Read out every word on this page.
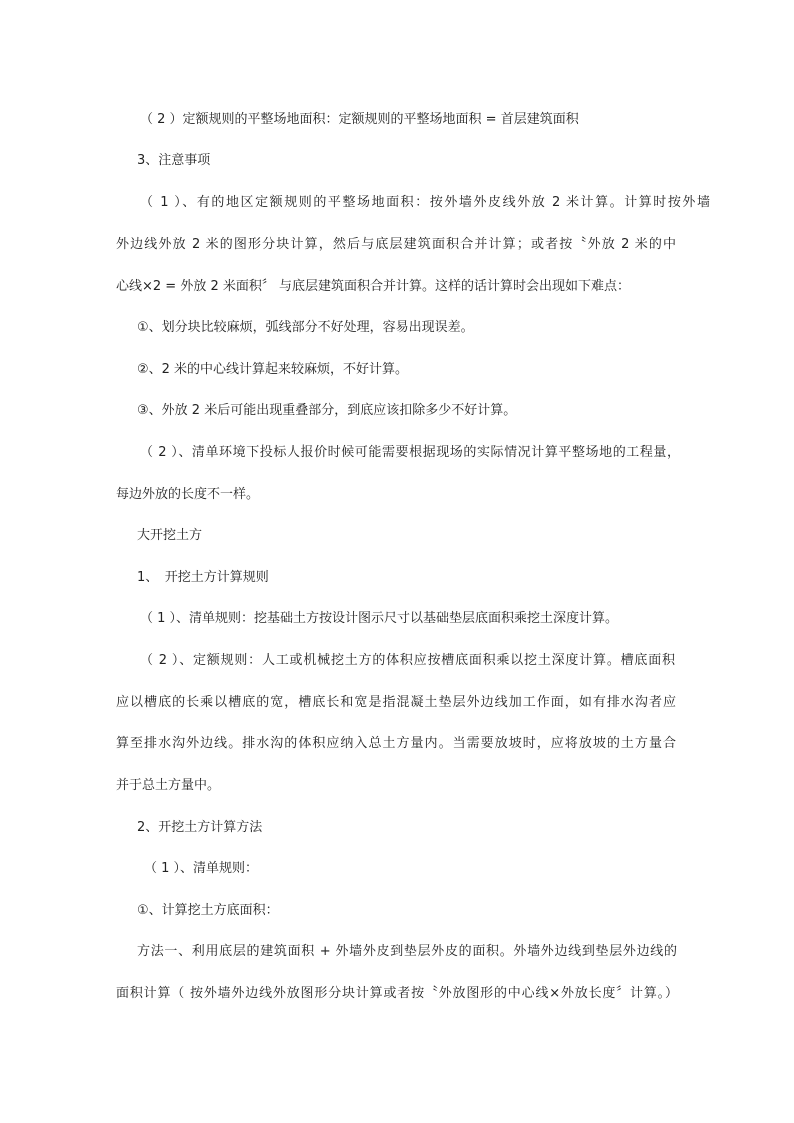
（ 2 ）定额规则的平整场地面积：定额规则的平整场地面积 = 首层建筑面积
3、注意事项
（ 1 ）、有的地区定额规则的平整场地面积：按外墙外皮线外放 2 米计算。计算时按外墙
外边线外放 2 米的图形分块计算，然后与底层建筑面积合并计算；或者按〝外放 2 米的中
心线×2 = 外放 2 米面积〞 与底层建筑面积合并计算。这样的话计算时会出现如下难点：
①、划分块比较麻烦，弧线部分不好处理，容易出现误差。
②、2 米的中心线计算起来较麻烦，不好计算。
③、外放 2 米后可能出现重叠部分，到底应该扣除多少不好计算。
（ 2 ）、清单环境下投标人报价时候可能需要根据现场的实际情况计算平整场地的工程量，
每边外放的长度不一样。
大开挖土方
1、　开挖土方计算规则
（ 1 ）、清单规则：挖基础土方按设计图示尺寸以基础垫层底面积乘挖土深度计算。
（ 2 ）、定额规则：人工或机械挖土方的体积应按槽底面积乘以挖土深度计算。槽底面积
应以槽底的长乘以槽底的宽，槽底长和宽是指混凝土垫层外边线加工作面，如有排水沟者应
算至排水沟外边线。排水沟的体积应纳入总土方量内。当需要放坡时，应将放坡的土方量合
并于总土方量中。
2、开挖土方计算方法
（ 1 ）、清单规则：
①、计算挖土方底面积：
方法一、利用底层的建筑面积 + 外墙外皮到垫层外皮的面积。外墙外边线到垫层外边线的
面积计算（ 按外墙外边线外放图形分块计算或者按〝外放图形的中心线×外放长度〞计算。）
